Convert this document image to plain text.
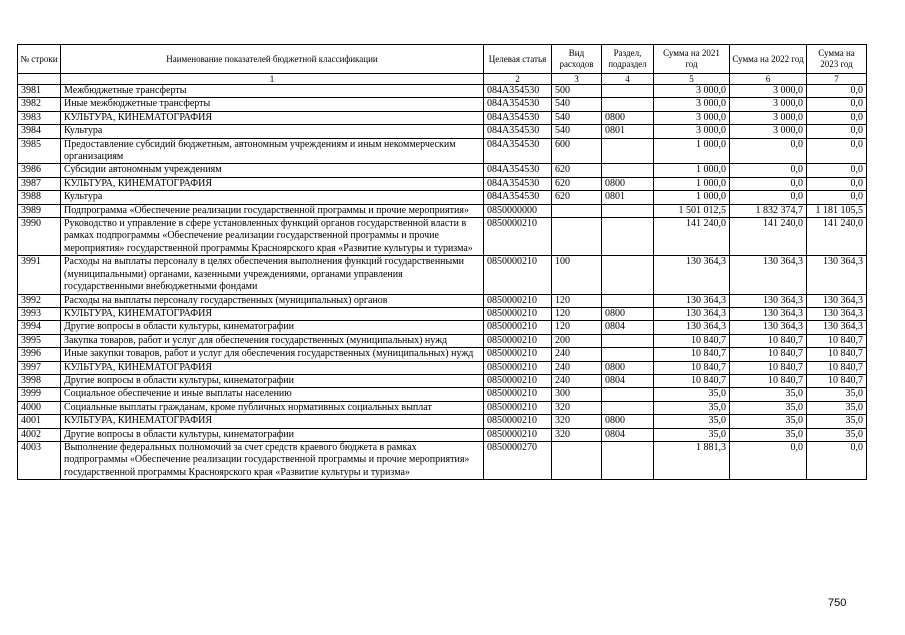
№ строки	Наименование показателей бюджетной классификации	Целевая статья	Вид расходов	Раздел, подраздел	Сумма на 2021 год	Сумма на 2022 год	Сумма на 2023 год
	1	2	3	4	5	6	7
3981	Межбюджетные трансферты	084А354530	500		3 000,0	3 000,0	0,0
3982	Иные межбюджетные трансферты	084А354530	540		3 000,0	3 000,0	0,0
3983	КУЛЬТУРА, КИНЕМАТОГРАФИЯ	084А354530	540	0800	3 000,0	3 000,0	0,0
3984	Культура	084А354530	540	0801	3 000,0	3 000,0	0,0
3985	Предоставление субсидий бюджетным, автономным учреждениям и иным некоммерческим организациям	084А354530	600		1 000,0	0,0	0,0
3986	Субсидии автономным учреждениям	084А354530	620		1 000,0	0,0	0,0
3987	КУЛЬТУРА, КИНЕМАТОГРАФИЯ	084А354530	620	0800	1 000,0	0,0	0,0
3988	Культура	084А354530	620	0801	1 000,0	0,0	0,0
3989	Подпрограмма «Обеспечение реализации государственной программы и прочие мероприятия»	0850000000			1 501 012,5	1 832 374,7	1 181 105,5
3990	Руководство и управление в сфере установленных функций органов государственной власти в рамках подпрограммы «Обеспечение реализации государственной программы и прочие мероприятия» государственной программы Красноярского края «Развитие культуры и туризма»	0850000210			141 240,0	141 240,0	141 240,0
3991	Расходы на выплаты персоналу в целях обеспечения выполнения функций государственными (муниципальными) органами, казенными учреждениями, органами управления государственными внебюджетными фондами	0850000210	100		130 364,3	130 364,3	130 364,3
3992	Расходы на выплаты персоналу государственных (муниципальных) органов	0850000210	120		130 364,3	130 364,3	130 364,3
3993	КУЛЬТУРА, КИНЕМАТОГРАФИЯ	0850000210	120	0800	130 364,3	130 364,3	130 364,3
3994	Другие вопросы в области культуры, кинематографии	0850000210	120	0804	130 364,3	130 364,3	130 364,3
3995	Закупка товаров, работ и услуг для обеспечения государственных (муниципальных) нужд	0850000210	200		10 840,7	10 840,7	10 840,7
3996	Иные закупки товаров, работ и услуг для обеспечения государственных (муниципальных) нужд	0850000210	240		10 840,7	10 840,7	10 840,7
3997	КУЛЬТУРА, КИНЕМАТОГРАФИЯ	0850000210	240	0800	10 840,7	10 840,7	10 840,7
3998	Другие вопросы в области культуры, кинематографии	0850000210	240	0804	10 840,7	10 840,7	10 840,7
3999	Социальное обеспечение и иные выплаты населению	0850000210	300		35,0	35,0	35,0
4000	Социальные выплаты гражданам, кроме публичных нормативных социальных выплат	0850000210	320		35,0	35,0	35,0
4001	КУЛЬТУРА, КИНЕМАТОГРАФИЯ	0850000210	320	0800	35,0	35,0	35,0
4002	Другие вопросы в области культуры, кинематографии	0850000210	320	0804	35,0	35,0	35,0
4003	Выполнение федеральных полномочий за счет средств краевого бюджета в рамках подпрограммы «Обеспечение реализации государственной программы и прочие мероприятия» государственной программы Красноярского края «Развитие культуры и туризма»	0850000270			1 881,3	0,0	0,0
750
